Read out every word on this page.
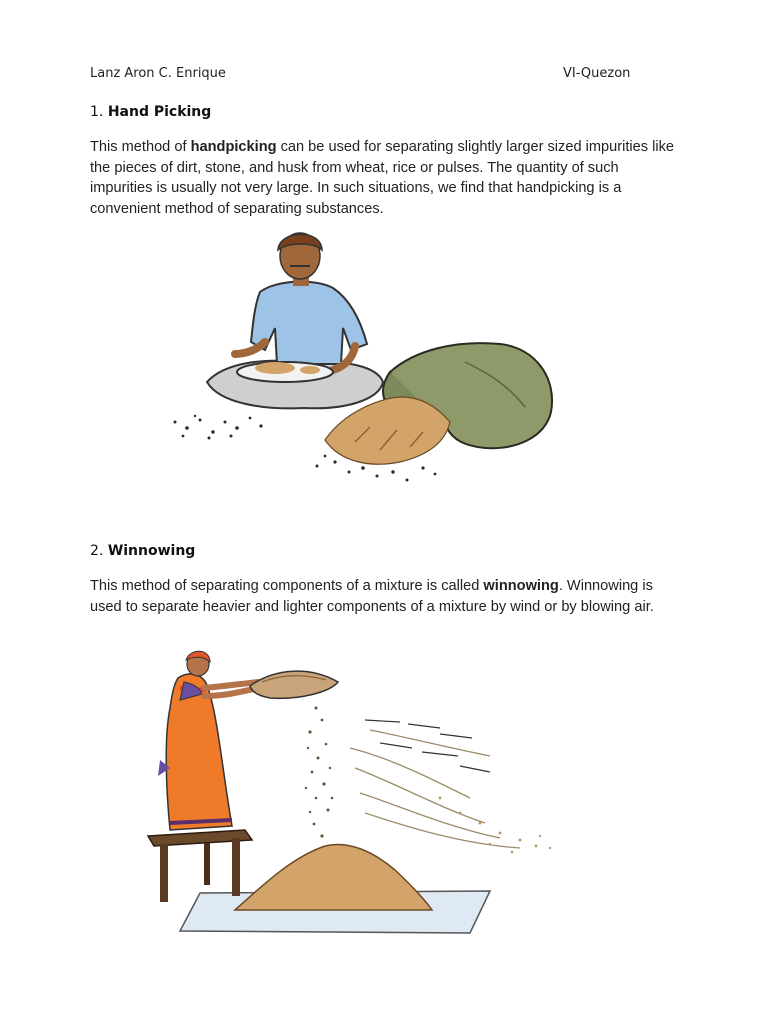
Lanz Aron C. Enrique	VI-Quezon
1. Hand Picking

This method of handpicking can be used for separating slightly larger sized impurities like the pieces of dirt, stone, and husk from wheat, rice or pulses. The quantity of such impurities is usually not very large. In such situations, we find that handpicking is a convenient method of separating substances.

2. Winnowing

This method of separating components of a mixture is called winnowing. Winnowing is used to separate heavier and lighter components of a mixture by wind or by blowing air.
